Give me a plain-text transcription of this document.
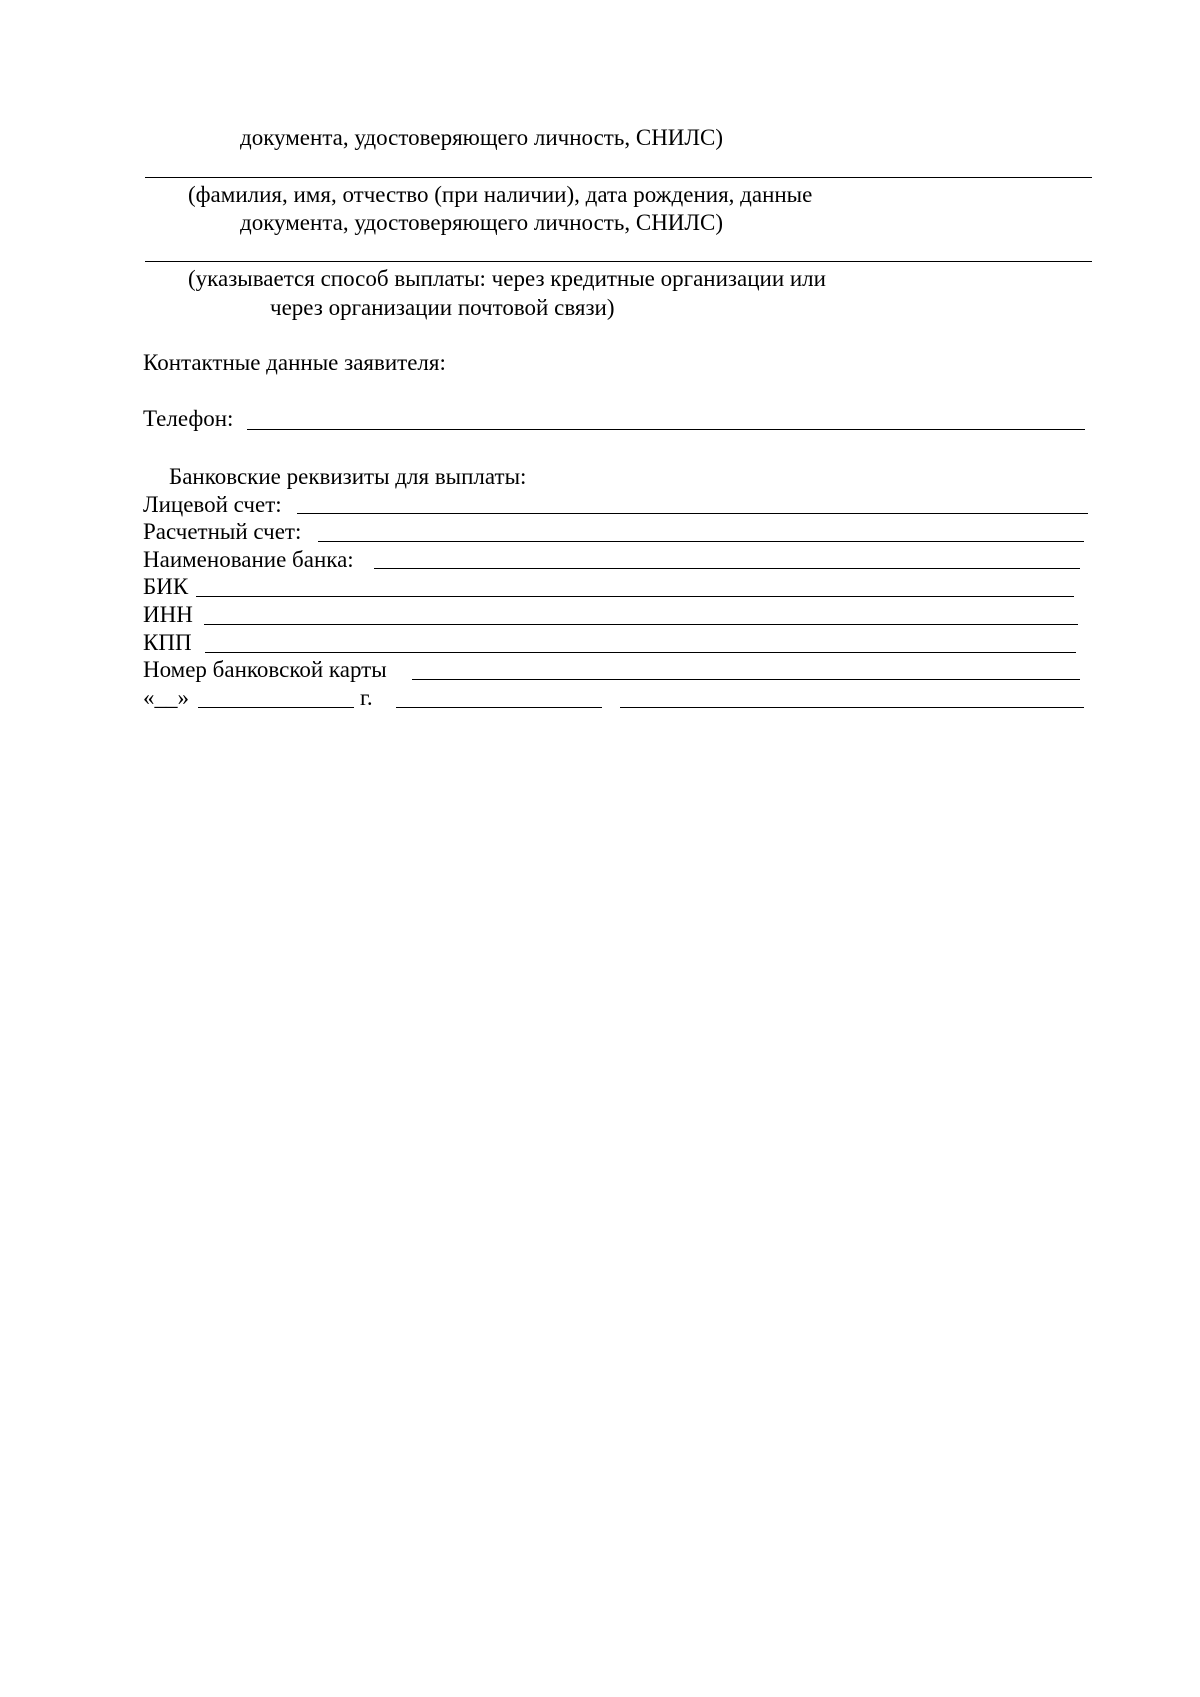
документа, удостоверяющего личность, СНИЛС)
(фамилия, имя, отчество (при наличии), дата рождения, данные
документа, удостоверяющего личность, СНИЛС)
(указывается способ выплаты: через кредитные организации или
через организации почтовой связи)
Контактные данные заявителя:
Телефон:
Банковские реквизиты для выплаты:
Лицевой счет:
Расчетный счет:
Наименование банка:
БИК
ИНН
КПП
Номер банковской карты
«__»	г.
